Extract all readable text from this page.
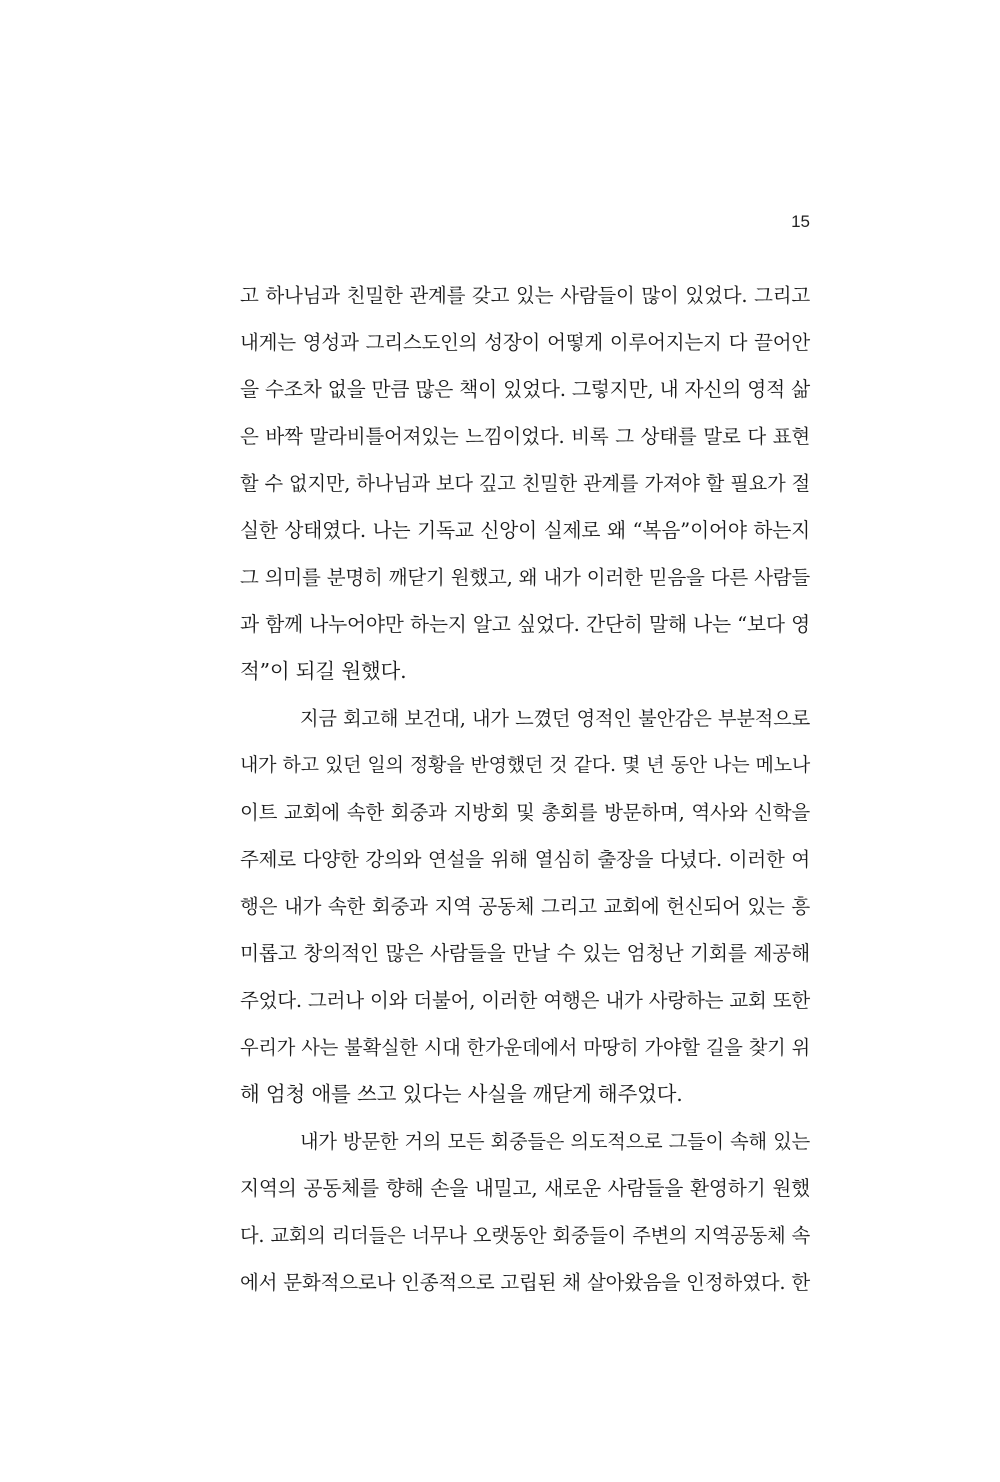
15
고 하나님과 친밀한 관계를 갖고 있는 사람들이 많이 있었다. 그리고
내게는 영성과 그리스도인의 성장이 어떻게 이루어지는지 다 끌어안
을 수조차 없을 만큼 많은 책이 있었다. 그렇지만, 내 자신의 영적 삶
은 바짝 말라비틀어져있는 느낌이었다. 비록 그 상태를 말로 다 표현
할 수 없지만, 하나님과 보다 깊고 친밀한 관계를 가져야 할 필요가 절
실한 상태였다. 나는 기독교 신앙이 실제로 왜 “복음”이어야 하는지
그 의미를 분명히 깨닫기 원했고, 왜 내가 이러한 믿음을 다른 사람들
과 함께 나누어야만 하는지 알고 싶었다. 간단히 말해 나는 “보다 영
적”이 되길 원했다.
지금 회고해 보건대, 내가 느꼈던 영적인 불안감은 부분적으로
내가 하고 있던 일의 정황을 반영했던 것 같다. 몇 년 동안 나는 메노나
이트 교회에 속한 회중과 지방회 및 총회를 방문하며, 역사와 신학을
주제로 다양한 강의와 연설을 위해 열심히 출장을 다녔다. 이러한 여
행은 내가 속한 회중과 지역 공동체 그리고 교회에 헌신되어 있는 흥
미롭고 창의적인 많은 사람들을 만날 수 있는 엄청난 기회를 제공해
주었다. 그러나 이와 더불어, 이러한 여행은 내가 사랑하는 교회 또한
우리가 사는 불확실한 시대 한가운데에서 마땅히 가야할 길을 찾기 위
해 엄청 애를 쓰고 있다는 사실을 깨닫게 해주었다.
내가 방문한 거의 모든 회중들은 의도적으로 그들이 속해 있는
지역의 공동체를 향해 손을 내밀고, 새로운 사람들을 환영하기 원했
다. 교회의 리더들은 너무나 오랫동안 회중들이 주변의 지역공동체 속
에서 문화적으로나 인종적으로 고립된 채 살아왔음을 인정하였다. 한
